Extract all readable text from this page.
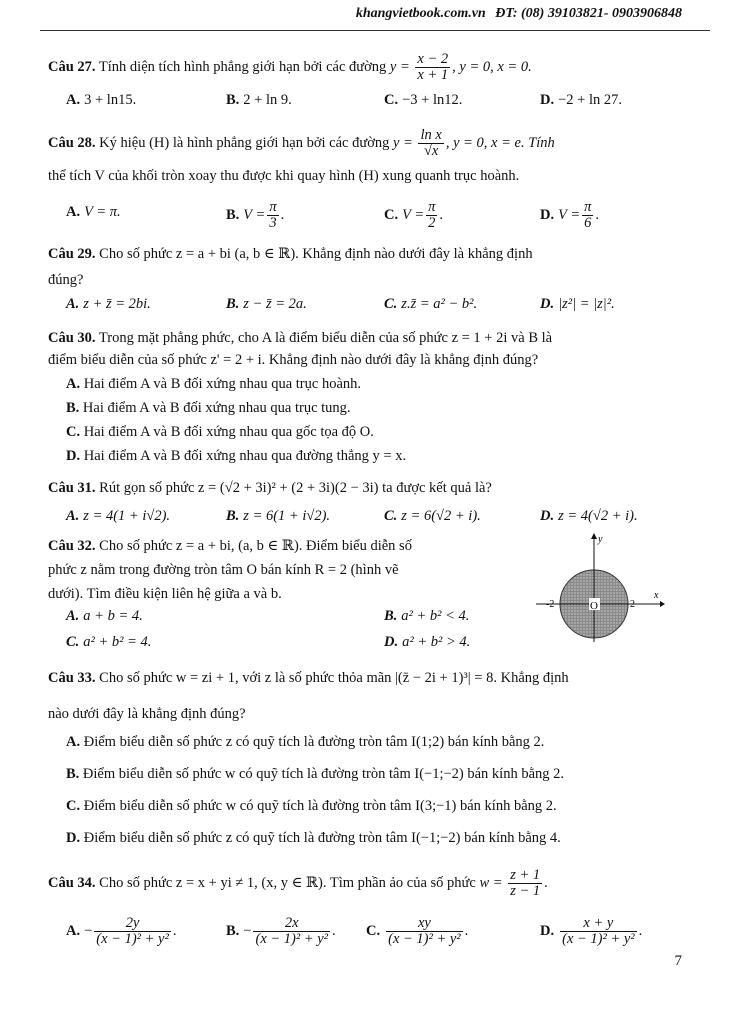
khangvietbook.com.vn ĐT: (08) 39103821- 0903906848
Câu 27. Tính diện tích hình phẳng giới hạn bởi các đường $y = \frac{x - 2}{x + 1}$ , y = 0, x = 0.
A. 3 + ln15.	B. 2 + ln 9.	C. −3 + ln12.	D. −2 + ln 27.
Câu 28. Ký hiệu (H) là hình phẳng giới hạn bởi các đường $y = \frac{\text{ln x}}{√x}$ , y = 0, x = e. Tính
thể tích V của khối tròn xoay thu được khi quay hình (H) xung quanh trục hoành.
A. V = π.	B. $V = \frac{\pi}{3}$ .	C. $V = \frac{\pi}{2}$ .	D. $V = \frac{\pi}{6}$ .
Câu 29. Cho số phức z = a + bi (a, b ∈ ℝ). Khẳng định nào dưới đây là khẳng định
đúng?
A. z + z̄ = 2bi.	B. z − z̄ = 2a.	C. z.z̄ = a² − b².	D. |z²| = |z|².
Câu 30. Trong mặt phẳng phức, cho A là điểm biểu diễn của số phức z = 1 + 2i và B là
điểm biểu diễn của số phức z' = 2 + i. Khẳng định nào dưới đây là khẳng định đúng?
A. Hai điểm A và B đối xứng nhau qua trục hoành.
B. Hai điểm A và B đối xứng nhau qua trục tung.
C. Hai điểm A và B đối xứng nhau qua gốc tọa độ O.
D. Hai điểm A và B đối xứng nhau qua đường thẳng y = x.
Câu 31. Rút gọn số phức z = (√2 + 3i)² + (2 + 3i)(2 − 3i) ta được kết quả là?
A. z = 4(1 + i√2).	B. z = 6(1 + i√2).	C. z = 6(√2 + i).	D. z = 4(√2 + i).
Câu 32. Cho số phức z = a + bi, (a, b ∈ ℝ). Điểm biểu diễn số
phức z nằm trong đường tròn tâm O bán kính R = 2 (hình vẽ
dưới). Tìm điều kiện liên hệ giữa a và b.
A. a + b = 4.	B. a² + b² < 4.
C. a² + b² = 4.	D. a² + b² > 4.
O
y
x
-2	2
Câu 33. Cho số phức w = zi + 1, với z là số phức thỏa mãn |(z̄ − 2i + 1)³| = 8. Khẳng định
nào dưới đây là khẳng định đúng?
A. Điểm biểu diễn số phức z có quỹ tích là đường tròn tâm I(1;2) bán kính bằng 2.
B. Điểm biểu diễn số phức w có quỹ tích là đường tròn tâm I(−1;−2) bán kính bằng 2.
C. Điểm biểu diễn số phức w có quỹ tích là đường tròn tâm I(3;−1) bán kính bằng 2.
D. Điểm biểu diễn số phức z có quỹ tích là đường tròn tâm I(−1;−2) bán kính bằng 4.
Câu 34. Cho số phức z = x + yi ≠ 1, (x, y ∈ ℝ). Tìm phần ảo của số phức $w = \frac{z + 1}{z - 1}$ .
A. − $\frac{2y}{\text{(x − 1)² + y²}}$ .	B. − $\frac{2x}{\text{(x − 1)² + y²}}$ . C. $\frac{xy}{\text{(x − 1)² + y²}}$ .	D. $\frac{x + y}{\text{(x − 1)² + y²}}$ .
7
